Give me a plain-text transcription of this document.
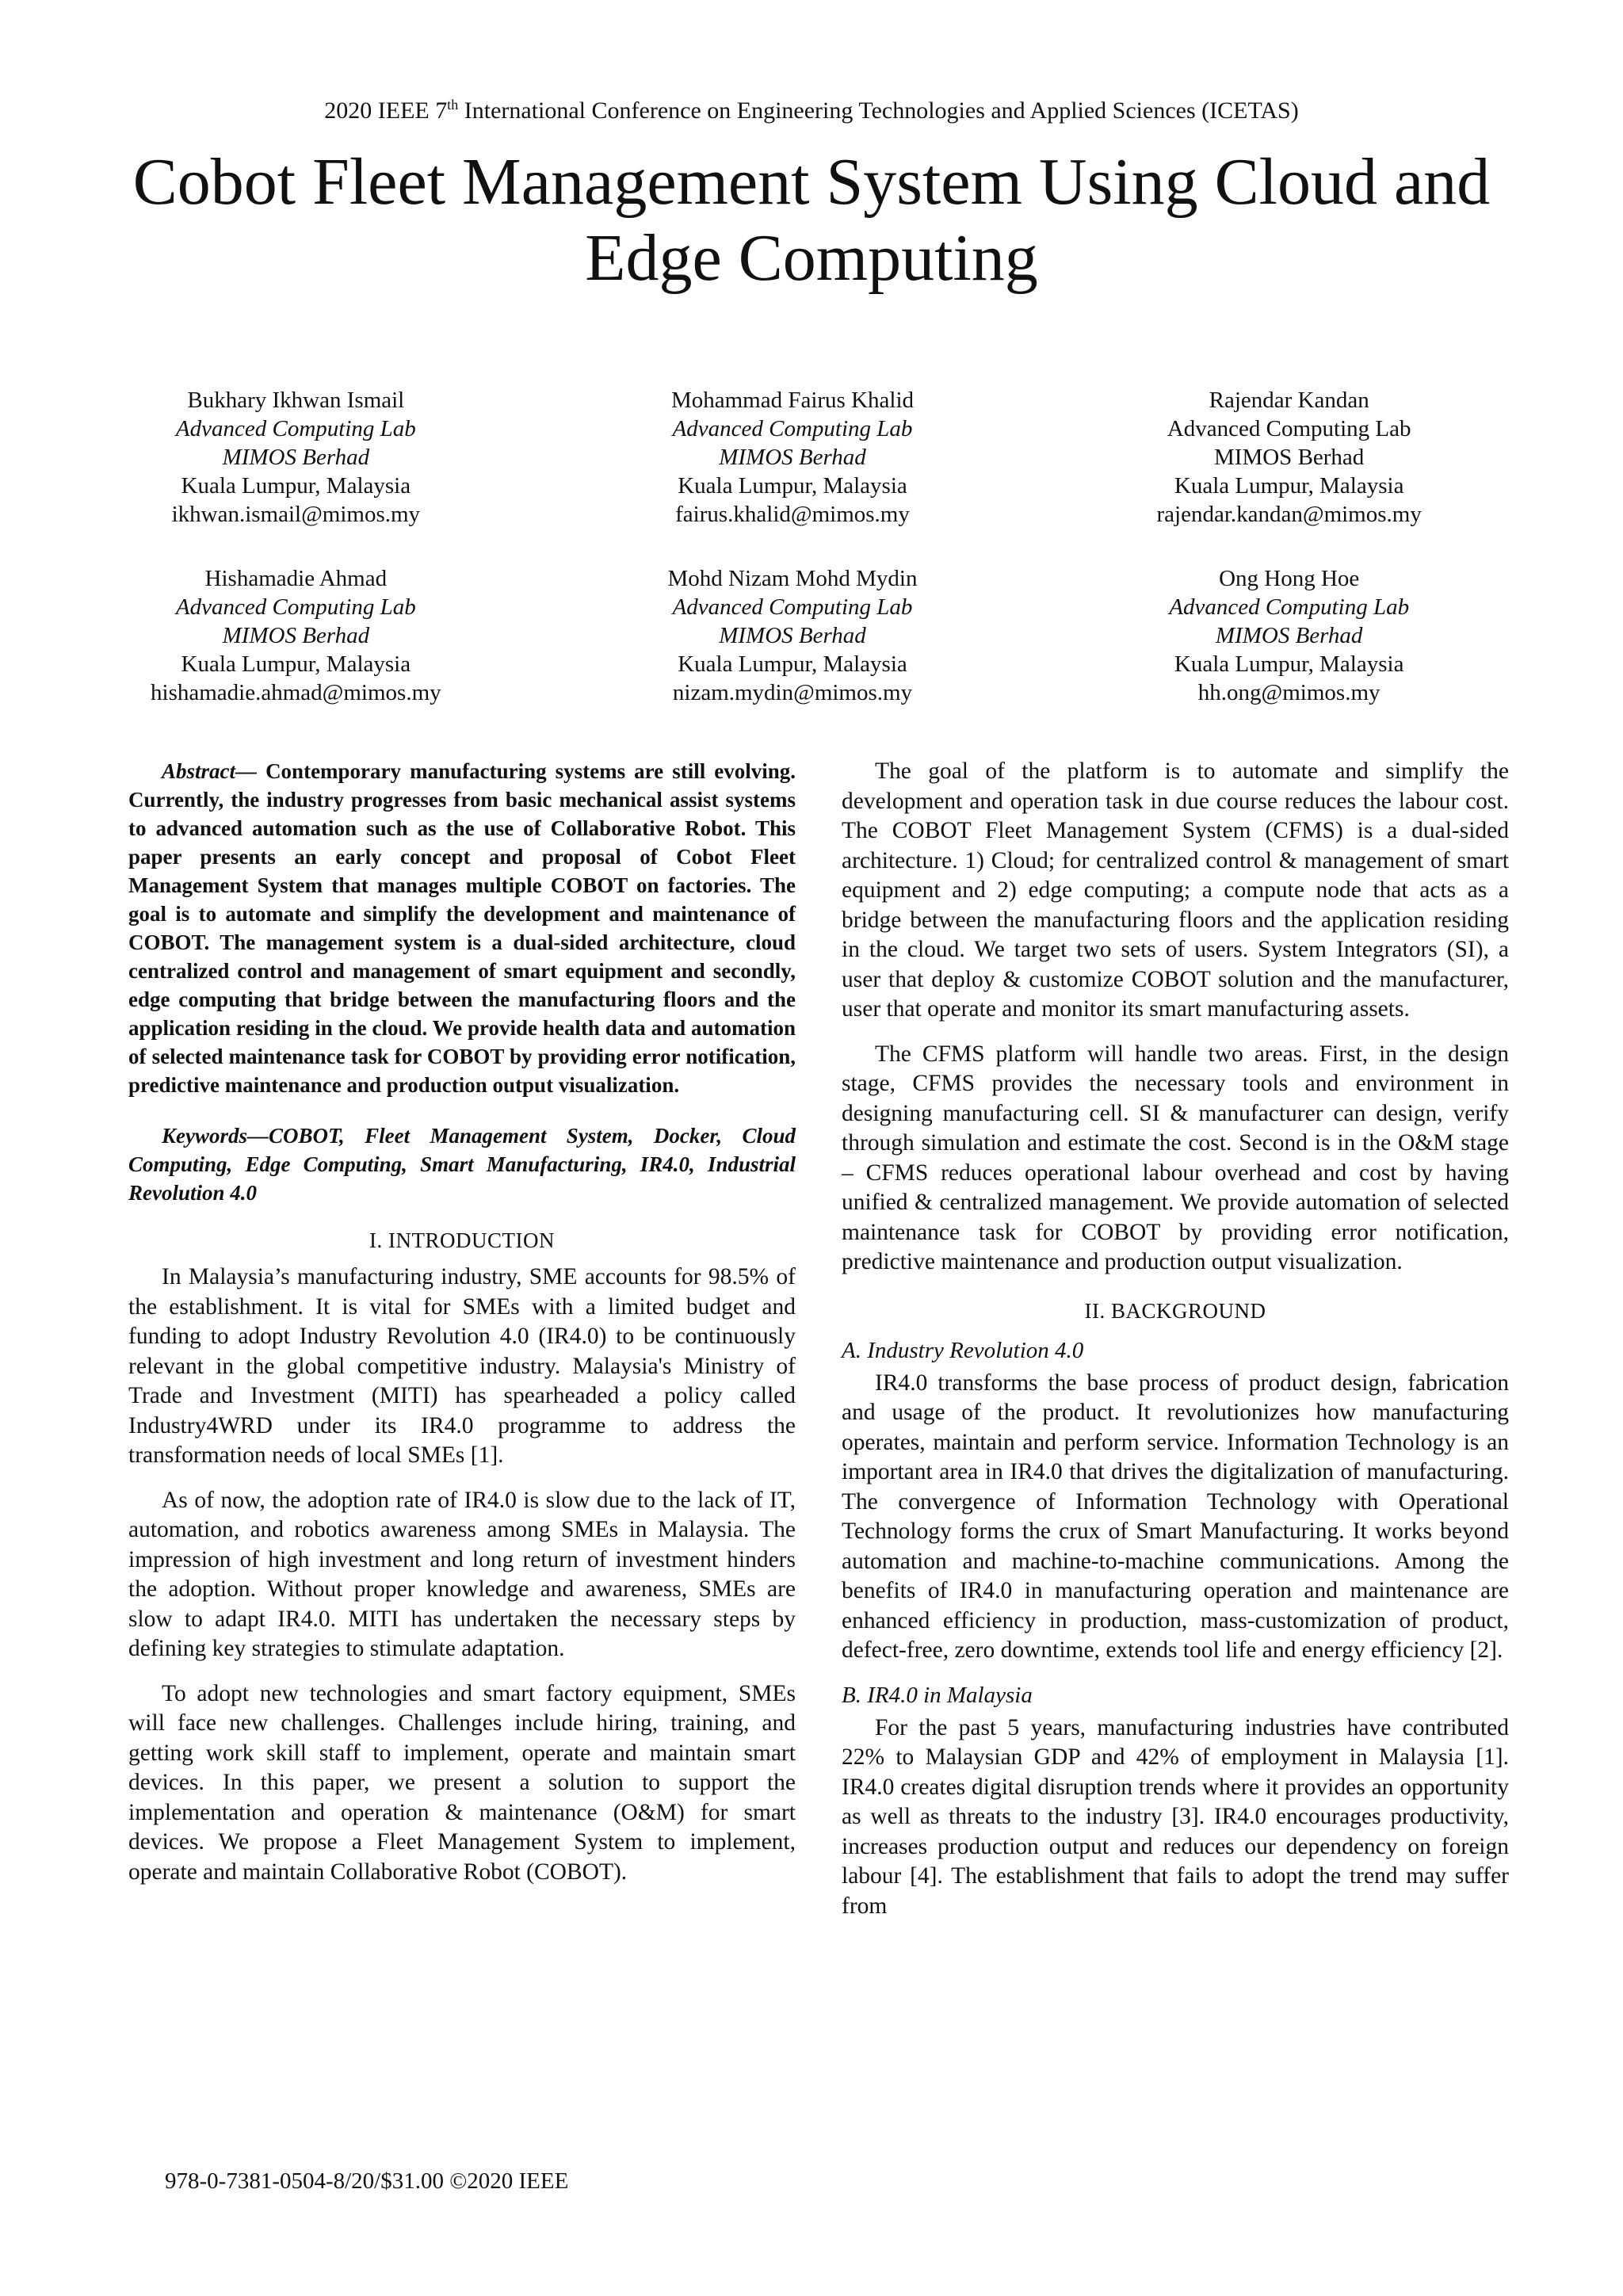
2020 IEEE 7th International Conference on Engineering Technologies and Applied Sciences (ICETAS)
Cobot Fleet Management System Using Cloud and Edge Computing
Bukhary Ikhwan Ismail
Advanced Computing Lab
MIMOS Berhad
Kuala Lumpur, Malaysia
ikhwan.ismail@mimos.my
Mohammad Fairus Khalid
Advanced Computing Lab
MIMOS Berhad
Kuala Lumpur, Malaysia
fairus.khalid@mimos.my
Rajendar Kandan
Advanced Computing Lab
MIMOS Berhad
Kuala Lumpur, Malaysia
rajendar.kandan@mimos.my
Hishamadie Ahmad
Advanced Computing Lab
MIMOS Berhad
Kuala Lumpur, Malaysia
hishamadie.ahmad@mimos.my
Mohd Nizam Mohd Mydin
Advanced Computing Lab
MIMOS Berhad
Kuala Lumpur, Malaysia
nizam.mydin@mimos.my
Ong Hong Hoe
Advanced Computing Lab
MIMOS Berhad
Kuala Lumpur, Malaysia
hh.ong@mimos.my

Abstract— Contemporary manufacturing systems are still evolving. Currently, the industry progresses from basic mechanical assist systems to advanced automation such as the use of Collaborative Robot. This paper presents an early concept and proposal of Cobot Fleet Management System that manages multiple COBOT on factories. The goal is to automate and simplify the development and maintenance of COBOT. The management system is a dual-sided architecture, cloud centralized control and management of smart equipment and secondly, edge computing that bridge between the manufacturing floors and the application residing in the cloud. We provide health data and automation of selected maintenance task for COBOT by providing error notification, predictive maintenance and production output visualization.

Keywords—COBOT, Fleet Management System, Docker, Cloud Computing, Edge Computing, Smart Manufacturing, IR4.0, Industrial Revolution 4.0

I. INTRODUCTION

In Malaysia’s manufacturing industry, SME accounts for 98.5% of the establishment. It is vital for SMEs with a limited budget and funding to adopt Industry Revolution 4.0 (IR4.0) to be continuously relevant in the global competitive industry. Malaysia's Ministry of Trade and Investment (MITI) has spearheaded a policy called Industry4WRD under its IR4.0 programme to address the transformation needs of local SMEs [1].

As of now, the adoption rate of IR4.0 is slow due to the lack of IT, automation, and robotics awareness among SMEs in Malaysia. The impression of high investment and long return of investment hinders the adoption. Without proper knowledge and awareness, SMEs are slow to adapt IR4.0. MITI has undertaken the necessary steps by defining key strategies to stimulate adaptation.

To adopt new technologies and smart factory equipment, SMEs will face new challenges. Challenges include hiring, training, and getting work skill staff to implement, operate and maintain smart devices. In this paper, we present a solution to support the implementation and operation & maintenance (O&M) for smart devices. We propose a Fleet Management System to implement, operate and maintain Collaborative Robot (COBOT).

The goal of the platform is to automate and simplify the development and operation task in due course reduces the labour cost. The COBOT Fleet Management System (CFMS) is a dual-sided architecture. 1) Cloud; for centralized control & management of smart equipment and 2) edge computing; a compute node that acts as a bridge between the manufacturing floors and the application residing in the cloud. We target two sets of users. System Integrators (SI), a user that deploy & customize COBOT solution and the manufacturer, user that operate and monitor its smart manufacturing assets.

The CFMS platform will handle two areas. First, in the design stage, CFMS provides the necessary tools and environment in designing manufacturing cell. SI & manufacturer can design, verify through simulation and estimate the cost. Second is in the O&M stage – CFMS reduces operational labour overhead and cost by having unified & centralized management. We provide automation of selected maintenance task for COBOT by providing error notification, predictive maintenance and production output visualization.

II. BACKGROUND
A. Industry Revolution 4.0

IR4.0 transforms the base process of product design, fabrication and usage of the product. It revolutionizes how manufacturing operates, maintain and perform service. Information Technology is an important area in IR4.0 that drives the digitalization of manufacturing. The convergence of Information Technology with Operational Technology forms the crux of Smart Manufacturing. It works beyond automation and machine-to-machine communications. Among the benefits of IR4.0 in manufacturing operation and maintenance are enhanced efficiency in production, mass-customization of product, defect-free, zero downtime, extends tool life and energy efficiency [2].

B. IR4.0 in Malaysia

For the past 5 years, manufacturing industries have contributed 22% to Malaysian GDP and 42% of employment in Malaysia [1]. IR4.0 creates digital disruption trends where it provides an opportunity as well as threats to the industry [3]. IR4.0 encourages productivity, increases production output and reduces our dependency on foreign labour [4]. The establishment that fails to adopt the trend may suffer from

978-0-7381-0504-8/20/$31.00 ©2020 IEEE
